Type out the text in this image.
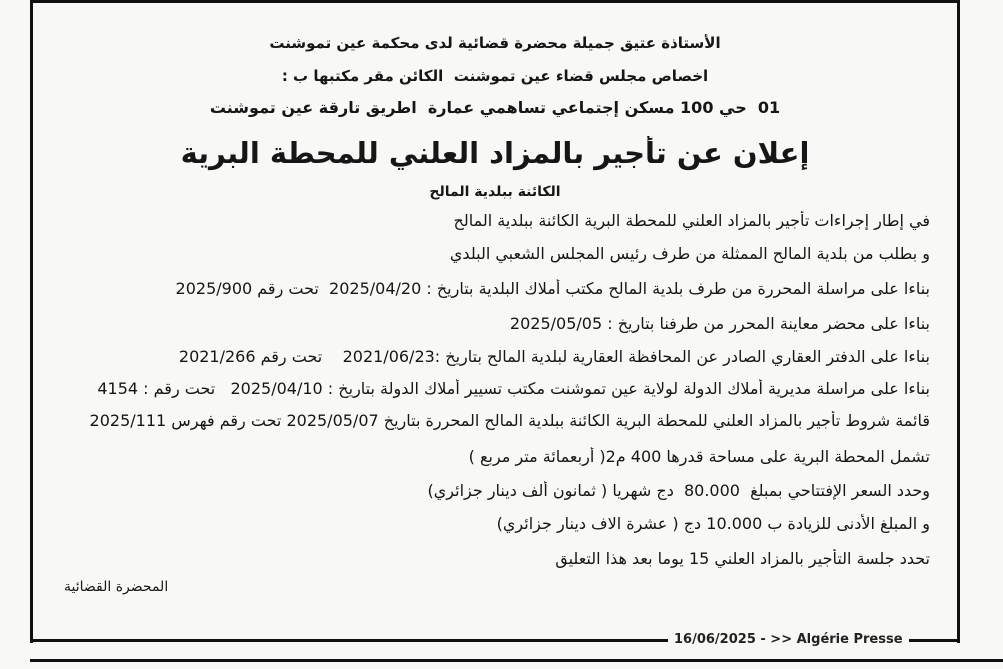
الأستاذة عتيق جميلة محضرة قضائية لدى محكمة عين تموشنت
اخصاص مجلس قضاء عين تموشنت  الكائن مقر مكتبها ب :
01  حي 100 مسكن إجتماعي تساهمي عمارة  اطريق تارقة عين تموشنت
إعلان عن تأجير بالمزاد العلني للمحطة البرية
الكائنة ببلدية المالح
في إطار إجراءات تأجير بالمزاد العلني للمحطة البرية الكائنة ببلدية المالح
و بطلب من بلدية المالح الممثلة من طرف رئيس المجلس الشعبي البلدي
بناءا على مراسلة المحررة من طرف بلدية المالح مكتب أملاك البلدية بتاريخ : 2025/04/20  تحت رقم 2025/900
بناءا على محضر معاينة المحرر من طرفنا بتاريخ : 2025/05/05
بناءا على الدفتر العقاري الصادر عن المحافظة العقارية لبلدية المالح بتاريخ :2021/06/23    تحت رقم 2021/266
بناءا على مراسلة مديرية أملاك الدولة لولاية عين تموشنت مكتب تسيير أملاك الدولة بتاريخ : 2025/04/10   تحت رقم : 4154
قائمة شروط تأجير بالمزاد العلني للمحطة البرية الكائنة ببلدية المالح المحررة بتاريخ 2025/05/07 تحت رقم فهرس 2025/111
تشمل المحطة البرية على مساحة قدرها 400 م2( أربعمائة متر مربع )
وحدد السعر الإفتتاحي بمبلغ  80.000  دج شهريا ( ثمانون ألف دينار جزائري)
و المبلغ الأدنى للزيادة ب 10.000 دج ( عشرة الاف دينار جزائري)
تحدد جلسة التأجير بالمزاد العلني 15 يوما بعد هذا التعليق
المحضرة القضائية
16/06/2025 - >> Algérie Presse
